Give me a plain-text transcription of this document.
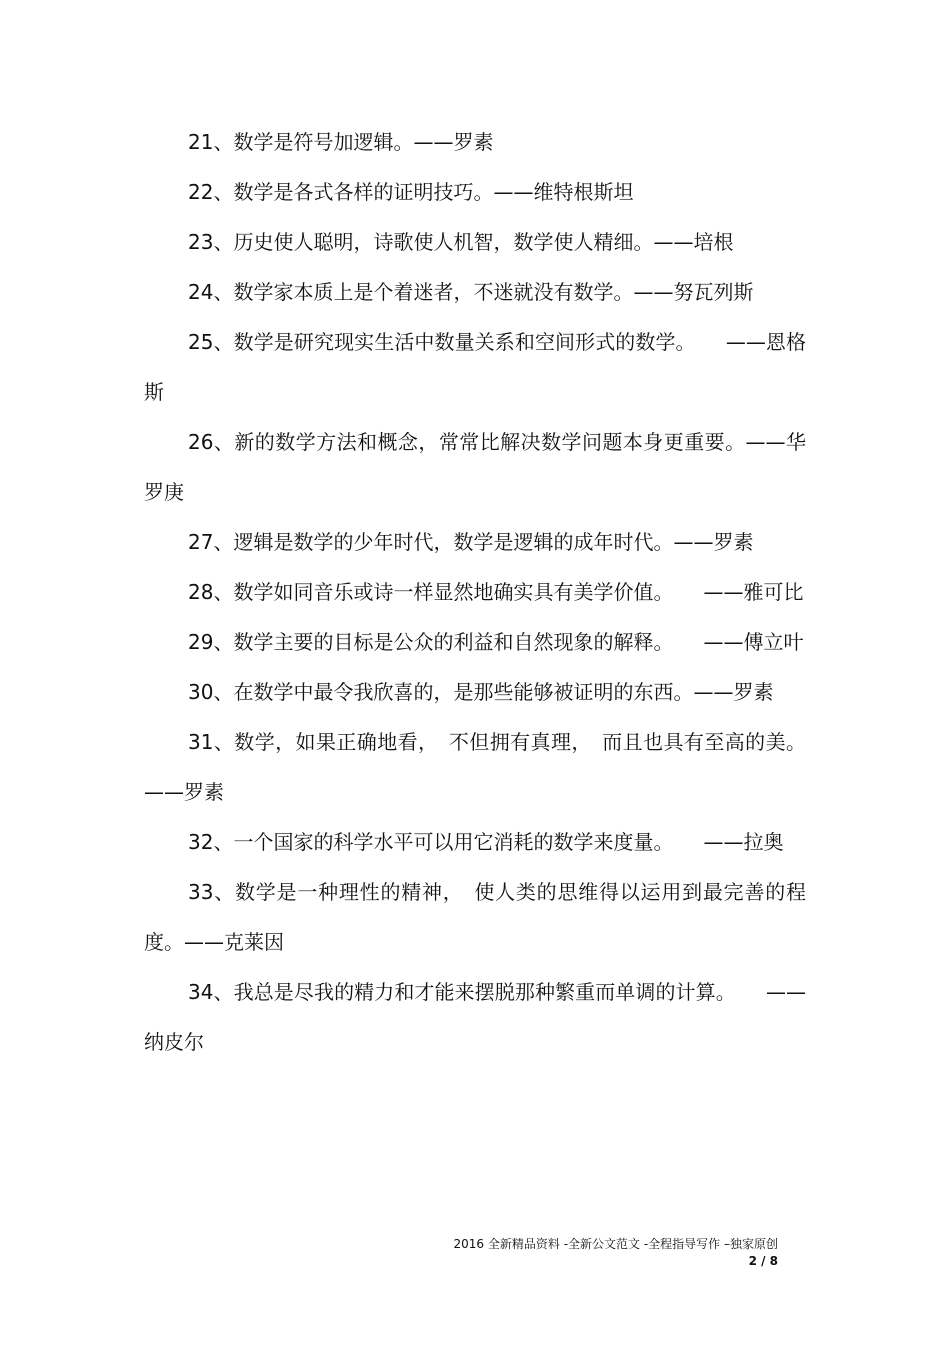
21、数学是符号加逻辑。——罗素

22、数学是各式各样的证明技巧。——维特根斯坦

23、历史使人聪明，诗歌使人机智，数学使人精细。——培根

24、数学家本质上是个着迷者，不迷就没有数学。——努瓦列斯

25、数学是研究现实生活中数量关系和空间形式的数学。　　——恩格斯

26、新的数学方法和概念，常常比解决数学问题本身更重要。——华罗庚

27、逻辑是数学的少年时代，数学是逻辑的成年时代。——罗素

28、数学如同音乐或诗一样显然地确实具有美学价值。　　——雅可比

29、数学主要的目标是公众的利益和自然现象的解释。　　——傅立叶

30、在数学中最令我欣喜的，是那些能够被证明的东西。——罗素

31、数学，如果正确地看，　不但拥有真理，　而且也具有至高的美。——罗素

32、一个国家的科学水平可以用它消耗的数学来度量。　　——拉奥

33、数学是一种理性的精神，　使人类的思维得以运用到最完善的程度。——克莱因

34、我总是尽我的精力和才能来摆脱那种繁重而单调的计算。　　——纳皮尔

2016 全新精品资料 -全新公文范文 -全程指导写作 –独家原创
2 / 8
